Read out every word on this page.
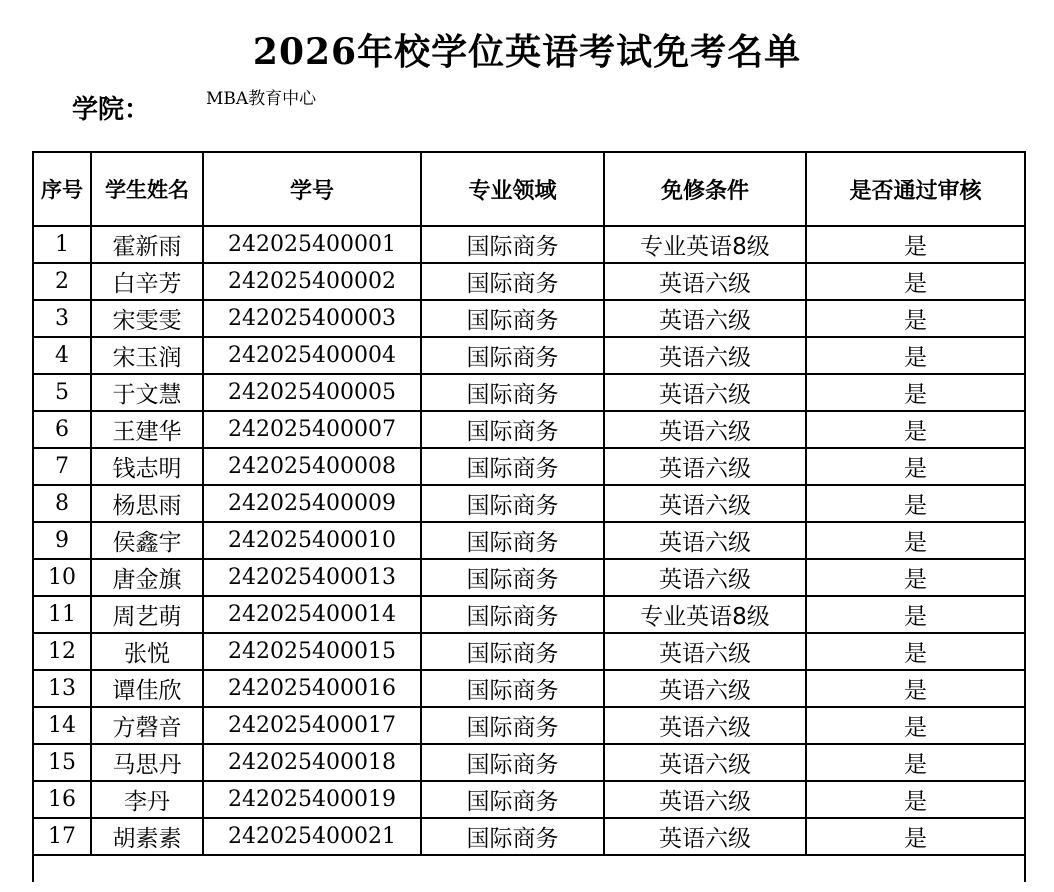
2026年校学位英语考试免考名单
学院：	MBA教育中心
序号	学生姓名	学号	专业领域	免修条件	是否通过审核
1	霍新雨	242025400001	国际商务	专业英语8级	是
2	白辛芳	242025400002	国际商务	英语六级	是
3	宋雯雯	242025400003	国际商务	英语六级	是
4	宋玉润	242025400004	国际商务	英语六级	是
5	于文慧	242025400005	国际商务	英语六级	是
6	王建华	242025400007	国际商务	英语六级	是
7	钱志明	242025400008	国际商务	英语六级	是
8	杨思雨	242025400009	国际商务	英语六级	是
9	侯鑫宇	242025400010	国际商务	英语六级	是
10	唐金旗	242025400013	国际商务	英语六级	是
11	周艺萌	242025400014	国际商务	专业英语8级	是
12	张悦	242025400015	国际商务	英语六级	是
13	谭佳欣	242025400016	国际商务	英语六级	是
14	方磬音	242025400017	国际商务	英语六级	是
15	马思丹	242025400018	国际商务	英语六级	是
16	李丹	242025400019	国际商务	英语六级	是
17	胡素素	242025400021	国际商务	英语六级	是
